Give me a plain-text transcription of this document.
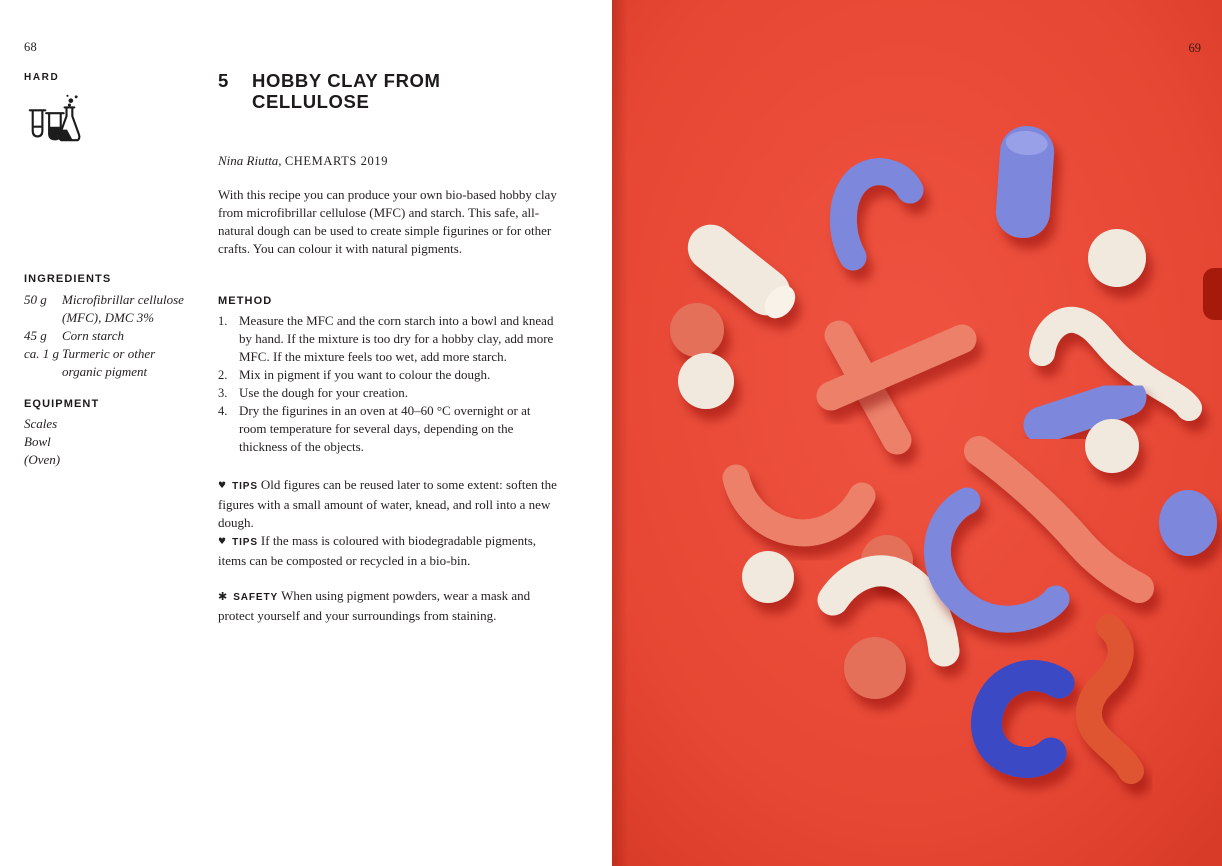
68
HARD
INGREDIENTS
50 g	Microfibrillar cellulose (MFC), DMC 3%
45 g	Corn starch
ca. 1 g Turmeric or other organic pigment
EQUIPMENT
Scales
Bowl
(Oven)
5	HOBBY CLAY FROM CELLULOSE

Nina Riutta, CHEMARTS 2019

With this recipe you can produce your own bio-based hobby clay from microfibrillar cellulose (MFC) and starch. This safe, all-natural dough can be used to create simple figurines or for other crafts. You can colour it with natural pigments.

METHOD
1. Measure the MFC and the corn starch into a bowl and knead by hand. If the mixture is too dry for a hobby clay, add more MFC. If the mixture feels too wet, add more starch.
2. Mix in pigment if you want to colour the dough.
3. Use the dough for your creation.
4. Dry the figurines in an oven at 40–60 °C overnight or at room temperature for several days, depending on the thickness of the objects.

♥ TIPS Old figures can be reused later to some extent: soften the figures with a small amount of water, knead, and roll into a new dough.

♥ TIPS If the mass is coloured with biodegradable pigments, items can be composted or recycled in a bio-bin.

✱ SAFETY When using pigment powders, wear a mask and protect yourself and your surroundings from staining.

69
